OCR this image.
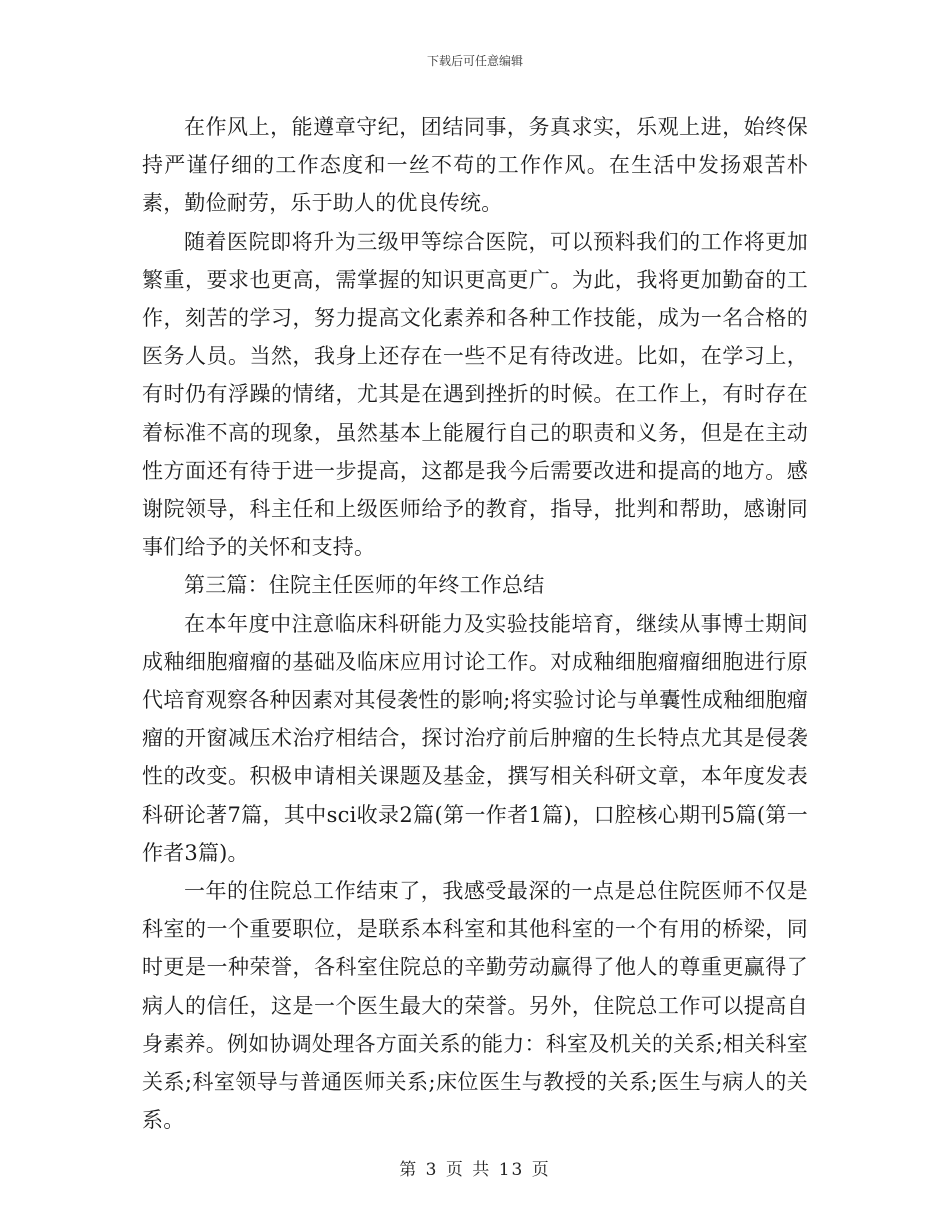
下载后可任意编辑

在作风上，能遵章守纪，团结同事，务真求实，乐观上进，始终保持严谨仔细的工作态度和一丝不苟的工作作风。在生活中发扬艰苦朴素，勤俭耐劳，乐于助人的优良传统。

随着医院即将升为三级甲等综合医院，可以预料我们的工作将更加繁重，要求也更高，需掌握的知识更高更广。为此，我将更加勤奋的工作，刻苦的学习，努力提高文化素养和各种工作技能，成为一名合格的医务人员。当然，我身上还存在一些不足有待改进。比如，在学习上，有时仍有浮躁的情绪，尤其是在遇到挫折的时候。在工作上，有时存在着标准不高的现象，虽然基本上能履行自己的职责和义务，但是在主动性方面还有待于进一步提高，这都是我今后需要改进和提高的地方。感谢院领导，科主任和上级医师给予的教育，指导，批判和帮助，感谢同事们给予的关怀和支持。

第三篇：住院主任医师的年终工作总结

在本年度中注意临床科研能力及实验技能培育，继续从事博士期间成釉细胞瘤瘤的基础及临床应用讨论工作。对成釉细胞瘤瘤细胞进行原代培育观察各种因素对其侵袭性的影响;将实验讨论与单囊性成釉细胞瘤瘤的开窗减压术治疗相结合，探讨治疗前后肿瘤的生长特点尤其是侵袭性的改变。积极申请相关课题及基金，撰写相关科研文章，本年度发表科研论著7篇，其中sci收录2篇(第一作者1篇)，口腔核心期刊5篇(第一作者3篇)。

一年的住院总工作结束了，我感受最深的一点是总住院医师不仅是科室的一个重要职位，是联系本科室和其他科室的一个有用的桥梁，同时更是一种荣誉，各科室住院总的辛勤劳动赢得了他人的尊重更赢得了病人的信任，这是一个医生最大的荣誉。另外，住院总工作可以提高自身素养。例如协调处理各方面关系的能力：科室及机关的关系;相关科室关系;科室领导与普通医师关系;床位医生与教授的关系;医生与病人的关系。

第 3 页 共 13 页
